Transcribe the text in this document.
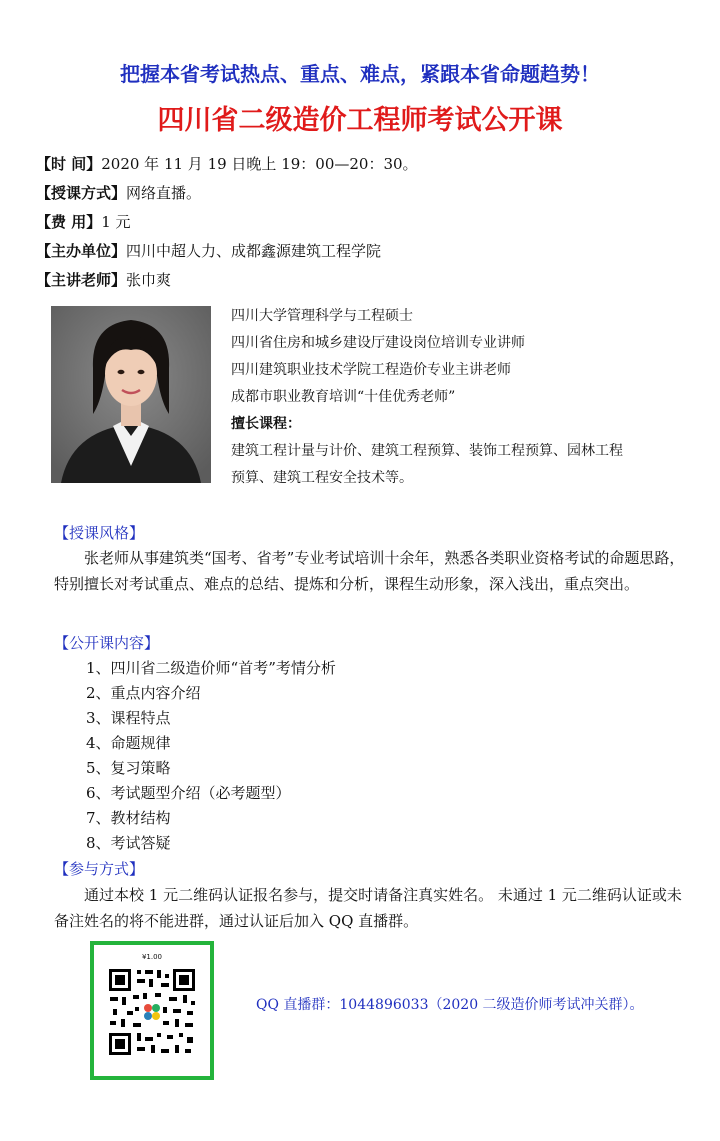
把握本省考试热点、重点、难点，紧跟本省命题趋势！
四川省二级造价工程师考试公开课
【时 间】2020 年 11 月 19 日晚上 19：00—20：30。
【授课方式】网络直播。
【费 用】1 元
【主办单位】四川中超人力、成都鑫源建筑工程学院
【主讲老师】张巾爽
四川大学管理科学与工程硕士
四川省住房和城乡建设厅建设岗位培训专业讲师
四川建筑职业技术学院工程造价专业主讲老师
成都市职业教育培训“十佳优秀老师”
擅长课程：
建筑工程计量与计价、建筑工程预算、装饰工程预算、园林工程
预算、建筑工程安全技术等。
【授课风格】
张老师从事建筑类“国考、省考”专业考试培训十余年，熟悉各类职业资格考试的命题思路，特别擅长对考试重点、难点的总结、提炼和分析，课程生动形象，深入浅出，重点突出。
【公开课内容】
1、四川省二级造价师“首考”考情分析
2、重点内容介绍
3、课程特点
4、命题规律
5、复习策略
6、考试题型介绍（必考题型）
7、教材结构
8、考试答疑
【参与方式】
通过本校 1 元二维码认证报名参与，提交时请备注真实姓名。 未通过 1 元二维码认证或未备注姓名的将不能进群，通过认证后加入 QQ 直播群。
¥1.00
QQ 直播群：1044896033（2020 二级造价师考试冲关群）。
